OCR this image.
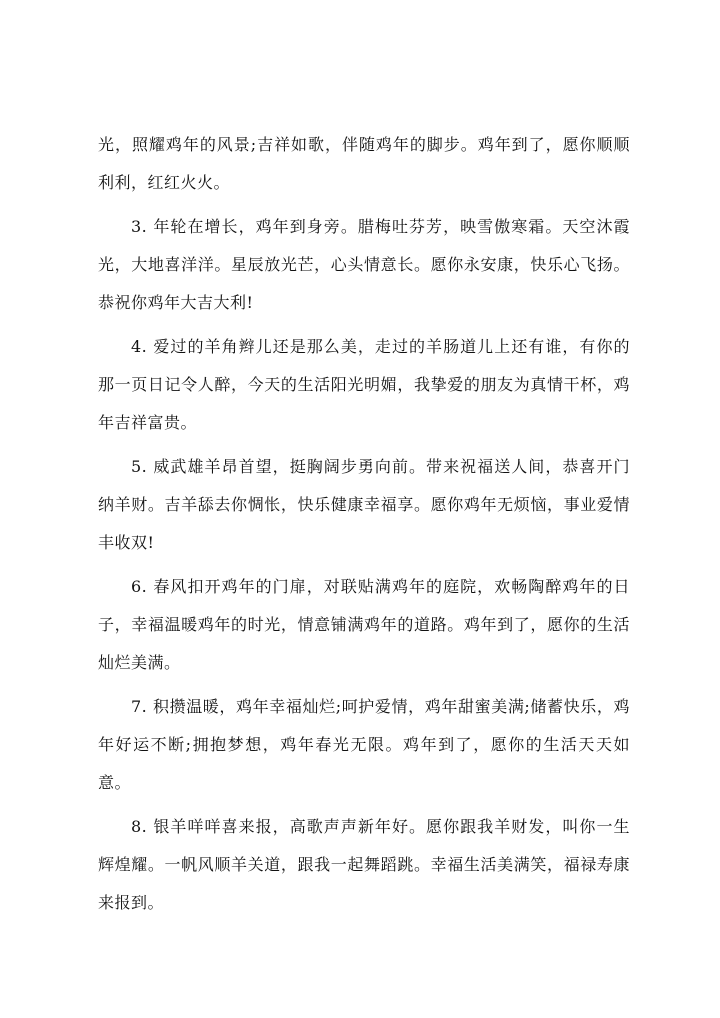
光，照耀鸡年的风景;吉祥如歌，伴随鸡年的脚步。鸡年到了，愿你顺顺利利，红红火火。

3. 年轮在增长，鸡年到身旁。腊梅吐芬芳，映雪傲寒霜。天空沐霞光，大地喜洋洋。星辰放光芒，心头情意长。愿你永安康，快乐心飞扬。恭祝你鸡年大吉大利!

4. 爱过的羊角辫儿还是那么美，走过的羊肠道儿上还有谁，有你的那一页日记令人醉，今天的生活阳光明媚，我挚爱的朋友为真情干杯，鸡年吉祥富贵。

5. 威武雄羊昂首望，挺胸阔步勇向前。带来祝福送人间，恭喜开门纳羊财。吉羊舔去你惆怅，快乐健康幸福享。愿你鸡年无烦恼，事业爱情丰收双!

6. 春风扣开鸡年的门扉，对联贴满鸡年的庭院，欢畅陶醉鸡年的日子，幸福温暖鸡年的时光，情意铺满鸡年的道路。鸡年到了，愿你的生活灿烂美满。

7. 积攒温暖，鸡年幸福灿烂;呵护爱情，鸡年甜蜜美满;储蓄快乐，鸡年好运不断;拥抱梦想，鸡年春光无限。鸡年到了，愿你的生活天天如意。

8. 银羊咩咩喜来报，高歌声声新年好。愿你跟我羊财发，叫你一生辉煌耀。一帆风顺羊关道，跟我一起舞蹈跳。幸福生活美满笑，福禄寿康来报到。
